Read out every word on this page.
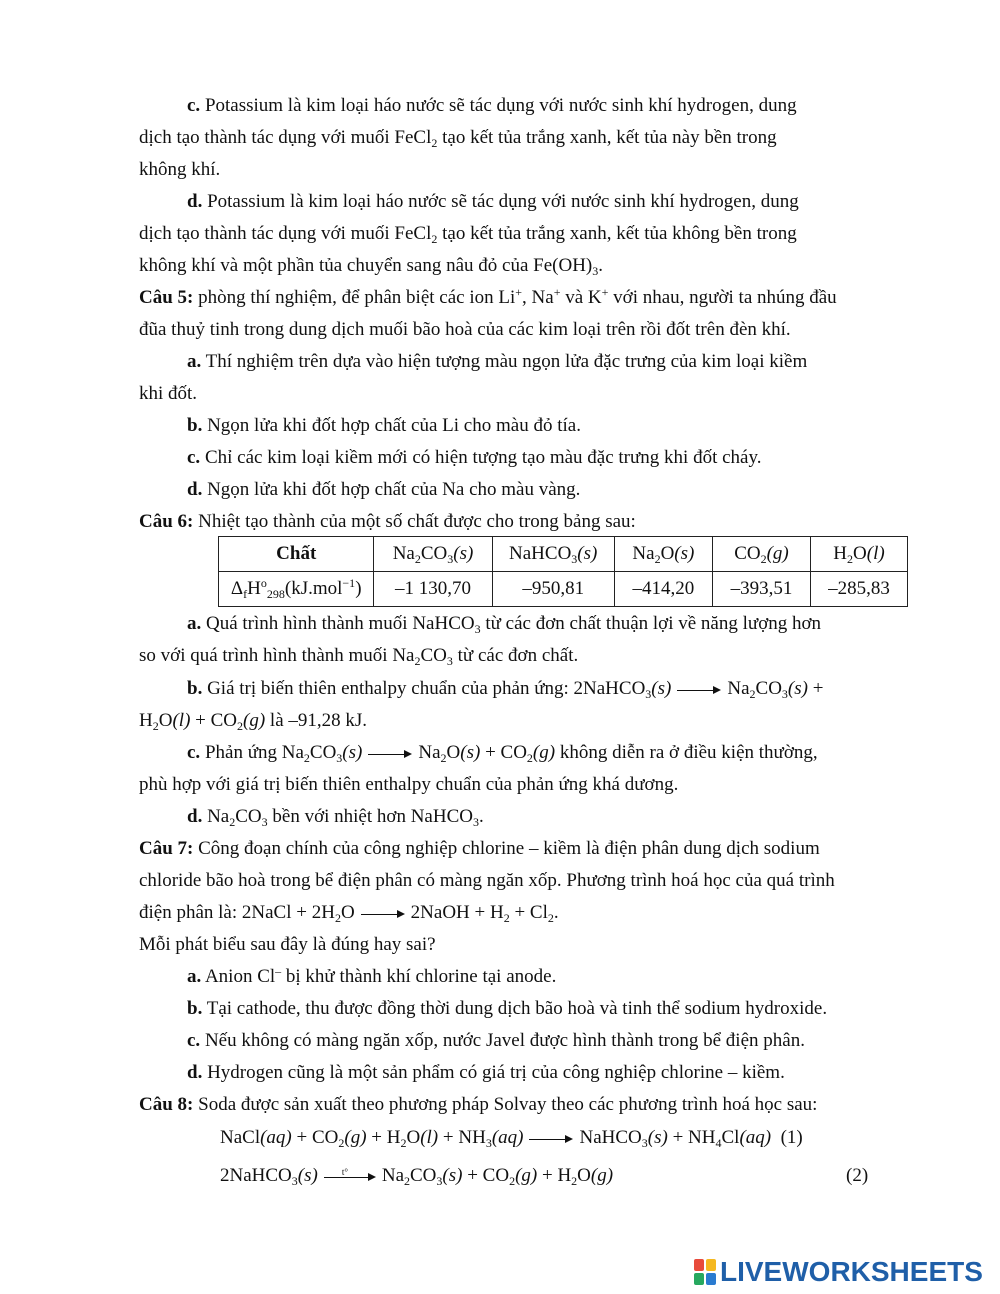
c. Potassium là kim loại háo nước sẽ tác dụng với nước sinh khí hydrogen, dung
dịch tạo thành tác dụng với muối FeCl$_2$ tạo kết tủa trắng xanh, kết tủa này bền trong
không khí.
d. Potassium là kim loại háo nước sẽ tác dụng với nước sinh khí hydrogen, dung
dịch tạo thành tác dụng với muối FeCl$_2$ tạo kết tủa trắng xanh, kết tủa không bền trong
không khí và một phần tủa chuyển sang nâu đỏ của $Fe(OH)_3$.
Câu 5: phòng thí nghiệm, để phân biệt các ion Li+, Na+ và K+ với nhau, người ta nhúng đầu
đũa thuỷ tinh trong dung dịch muối bão hoà của các kim loại trên rồi đốt trên đèn khí.
a. Thí nghiệm trên dựa vào hiện tượng màu ngọn lửa đặc trưng của kim loại kiềm
khi đốt.
b. Ngọn lửa khi đốt hợp chất của Li cho màu đỏ tía.
c. Chỉ các kim loại kiềm mới có hiện tượng tạo màu đặc trưng khi đốt cháy.
d. Ngọn lửa khi đốt hợp chất của Na cho màu vàng.
Câu 6: Nhiệt tạo thành của một số chất được cho trong bảng sau:
Chất	$Na_2CO_3(s)$	NaHCO$_3$(s)	$Na_2O(s)$	$CO_2(g)$	$H_2O(l)$
$\Delta_fH^o_{298}(kJ.mol^{-1})$	–1 130,70	–950,81	–414,20	–393,51	–285,83
a. Quá trình hình thành muối NaHCO$_3$ từ các đơn chất thuận lợi về năng lượng hơn
so với quá trình hình thành muối $Na_2CO_3$ từ các đơn chất.
b. Giá trị biến thiên enthalpy chuẩn của phản ứng: 2NaHCO$_3$(s)	$Na_2CO_3(s)$ +
$H_2O(l) + CO_2(g)$ là –91,28 kJ.
c. Phản ứng $Na_2CO_3(s)$	$Na_2O(s) + CO_2(g)$ không diễn ra ở điều kiện thường,
phù hợp với giá trị biến thiên enthalpy chuẩn của phản ứng khá dương.
d. $Na_2CO_3$ bền với nhiệt hơn NaHCO$_3$.
Câu 7: Công đoạn chính của công nghiệp chlorine – kiềm là điện phân dung dịch sodium
chloride bão hoà trong bể điện phân có màng ngăn xốp. Phương trình hoá học của quá trình
điện phân là: 2NaCl + $2H_2O$	2NaOH + $H_2 + Cl_2$.
Mỗi phát biểu sau đây là đúng hay sai?
a. Anion Cl– bị khử thành khí chlorine tại anode.
b. Tại cathode, thu được đồng thời dung dịch bão hoà và tinh thể sodium hydroxide.
c. Nếu không có màng ngăn xốp, nước Javel được hình thành trong bể điện phân.
d. Hydrogen cũng là một sản phẩm có giá trị của công nghiệp chlorine – kiềm.
Câu 8: Soda được sản xuất theo phương pháp Solvay theo các phương trình hoá học sau:
NaCl(aq) + $CO_2(g) + H_2O(l) + NH_3(aq)$	NaHCO$_3$(s) + $NH_4Cl(aq)$ (1)
2NaHCO$_3$(s)	t° $Na_2CO_3(s) + CO_2(g) + H_2O(g)$	(2)
LIVEWORKSHEETS
